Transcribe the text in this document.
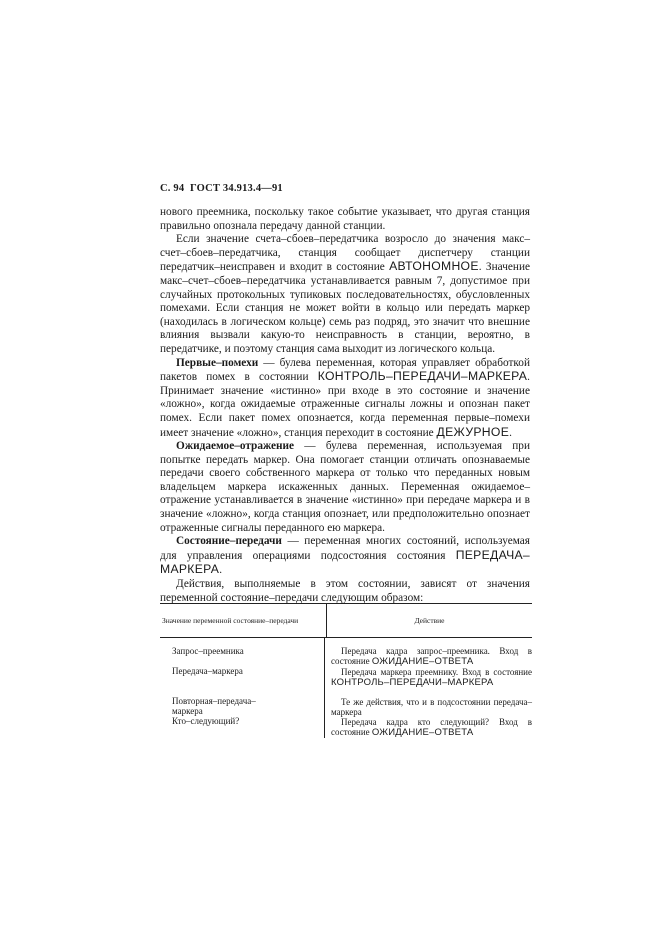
С. 94 ГОСТ 34.913.4—91

нового преемника, поскольку такое событие указывает, что другая станция правильно опознала передачу данной станции.

Если значение счета–сбоев–передатчика возросло до значения макс–счет–сбоев–передатчика, станция сообщает диспетчеру станции передатчик–неисправен и входит в состояние АВТОНОМНОЕ. Значение макс–счет–сбоев–передатчика устанавливается равным 7, допустимое при случайных протокольных тупиковых последовательностях, обусловленных помехами. Если станция не может войти в кольцо или передать маркер (находилась в логическом кольце) семь раз подряд, это значит что внешние влияния вызвали какую-то неисправность в станции, вероятно, в передатчике, и поэтому станция сама выходит из логического кольца.

Первые–помехи — булева переменная, которая управляет обработкой пакетов помех в состоянии КОНТРОЛЬ–ПЕРЕДАЧИ–МАРКЕРА. Принимает значение «истинно» при входе в это состояние и значение «ложно», когда ожидаемые отраженные сигналы ложны и опознан пакет помех. Если пакет помех опознается, когда переменная первые–помехи имеет значение «ложно», станция переходит в состояние ДЕЖУРНОЕ.

Ожидаемое–отражение — булева переменная, используемая при попытке передать маркер. Она помогает станции отличать опознаваемые передачи своего собственного маркера от только что переданных новым владельцем маркера искаженных данных. Переменная ожидаемое–отражение устанавливается в значение «истинно» при передаче маркера и в значение «ложно», когда станция опознает, или предположительно опознает отраженные сигналы переданного ею маркера.

Состояние–передачи — переменная многих состояний, используемая для управления операциями подсостояния состояния ПЕРЕДАЧА–МАРКЕРА.

Действия, выполняемые в этом состоянии, зависят от значения переменной состояние–передачи следующим образом:

Значение переменной состояние–передачи	Действие
Запрос–преемника
Передача–маркера
Повторная–передача–маркера
Кто–следующий?
Передача кадра запрос–преемника. Вход в состояние ОЖИДАНИЕ–ОТВЕТА
Передача маркера преемнику. Вход в состояние КОНТРОЛЬ–ПЕРЕДАЧИ–МАРКЕРА
Те же действия, что и в подсостоянии передача–маркера
Передача кадра кто следующий? Вход в состояние ОЖИДАНИЕ–ОТВЕТА
